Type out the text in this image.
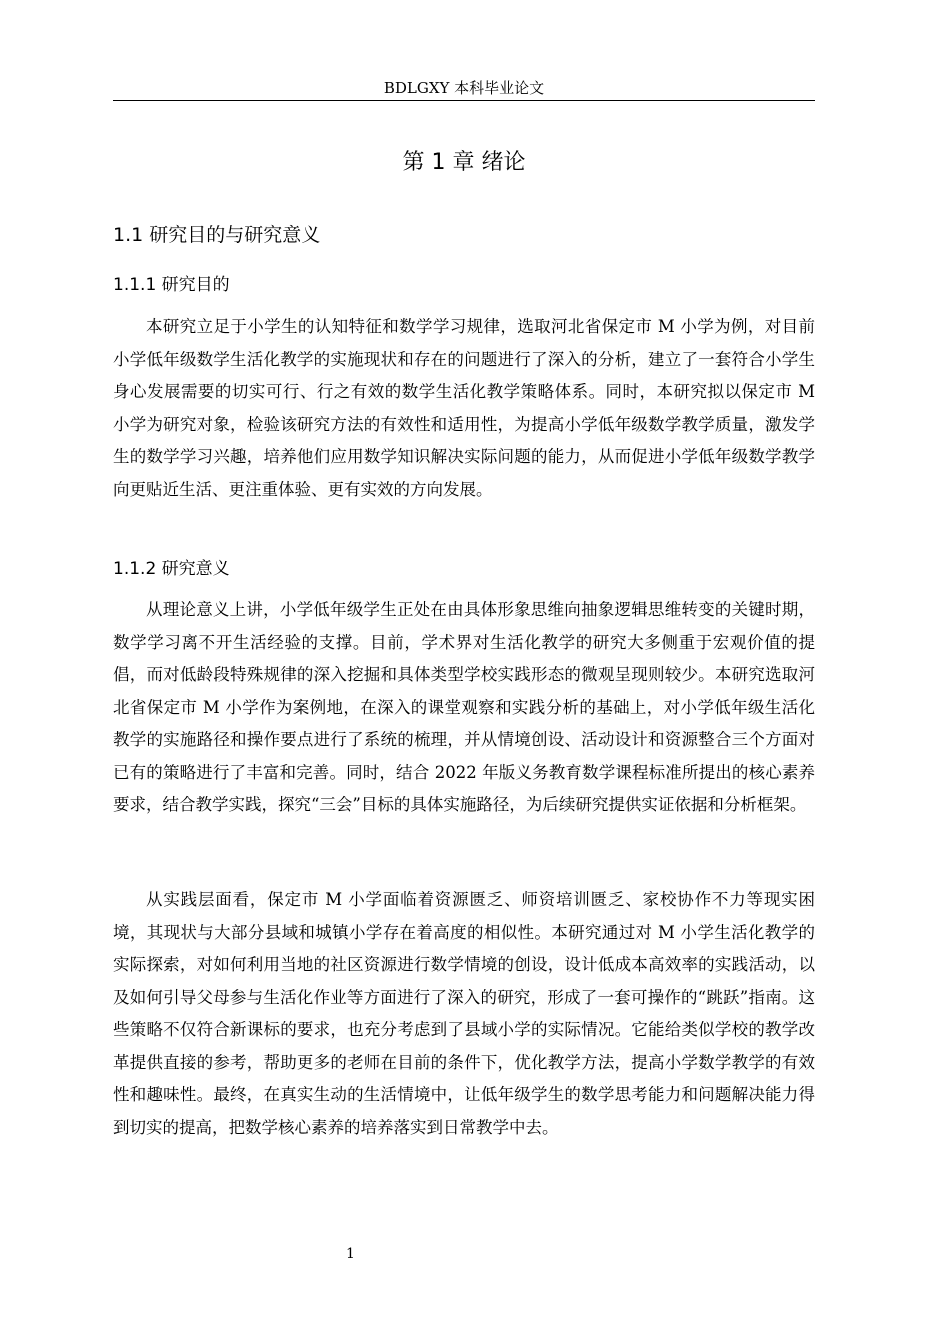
BDLGXY 本科毕业论文
第 1 章 绪论
1.1 研究目的与研究意义
1.1.1 研究目的

本研究立足于小学生的认知特征和数学学习规律，选取河北省保定市 M 小学为例，对目前小学低年级数学生活化教学的实施现状和存在的问题进行了深入的分析，建立了一套符合小学生身心发展需要的切实可行、行之有效的数学生活化教学策略体系。同时，本研究拟以保定市 M 小学为研究对象，检验该研究方法的有效性和适用性，为提高小学低年级数学教学质量，激发学生的数学学习兴趣，培养他们应用数学知识解决实际问题的能力，从而促进小学低年级数学教学向更贴近生活、更注重体验、更有实效的方向发展。

1.1.2 研究意义

从理论意义上讲，小学低年级学生正处在由具体形象思维向抽象逻辑思维转变的关键时期，数学学习离不开生活经验的支撑。目前，学术界对生活化教学的研究大多侧重于宏观价值的提倡，而对低龄段特殊规律的深入挖掘和具体类型学校实践形态的微观呈现则较少。本研究选取河北省保定市 M 小学作为案例地，在深入的课堂观察和实践分析的基础上，对小学低年级生活化教学的实施路径和操作要点进行了系统的梳理，并从情境创设、活动设计和资源整合三个方面对已有的策略进行了丰富和完善。同时，结合 2022 年版义务教育数学课程标准所提出的核心素养要求，结合教学实践，探究“三会”目标的具体实施路径，为后续研究提供实证依据和分析框架。

从实践层面看，保定市 M 小学面临着资源匮乏、师资培训匮乏、家校协作不力等现实困境，其现状与大部分县域和城镇小学存在着高度的相似性。本研究通过对 M 小学生活化教学的实际探索，对如何利用当地的社区资源进行数学情境的创设，设计低成本高效率的实践活动，以及如何引导父母参与生活化作业等方面进行了深入的研究，形成了一套可操作的“跳跃”指南。这些策略不仅符合新课标的要求，也充分考虑到了县域小学的实际情况。它能给类似学校的教学改革提供直接的参考，帮助更多的老师在目前的条件下，优化教学方法，提高小学数学教学的有效性和趣味性。最终，在真实生动的生活情境中，让低年级学生的数学思考能力和问题解决能力得到切实的提高，把数学核心素养的培养落实到日常教学中去。

1
